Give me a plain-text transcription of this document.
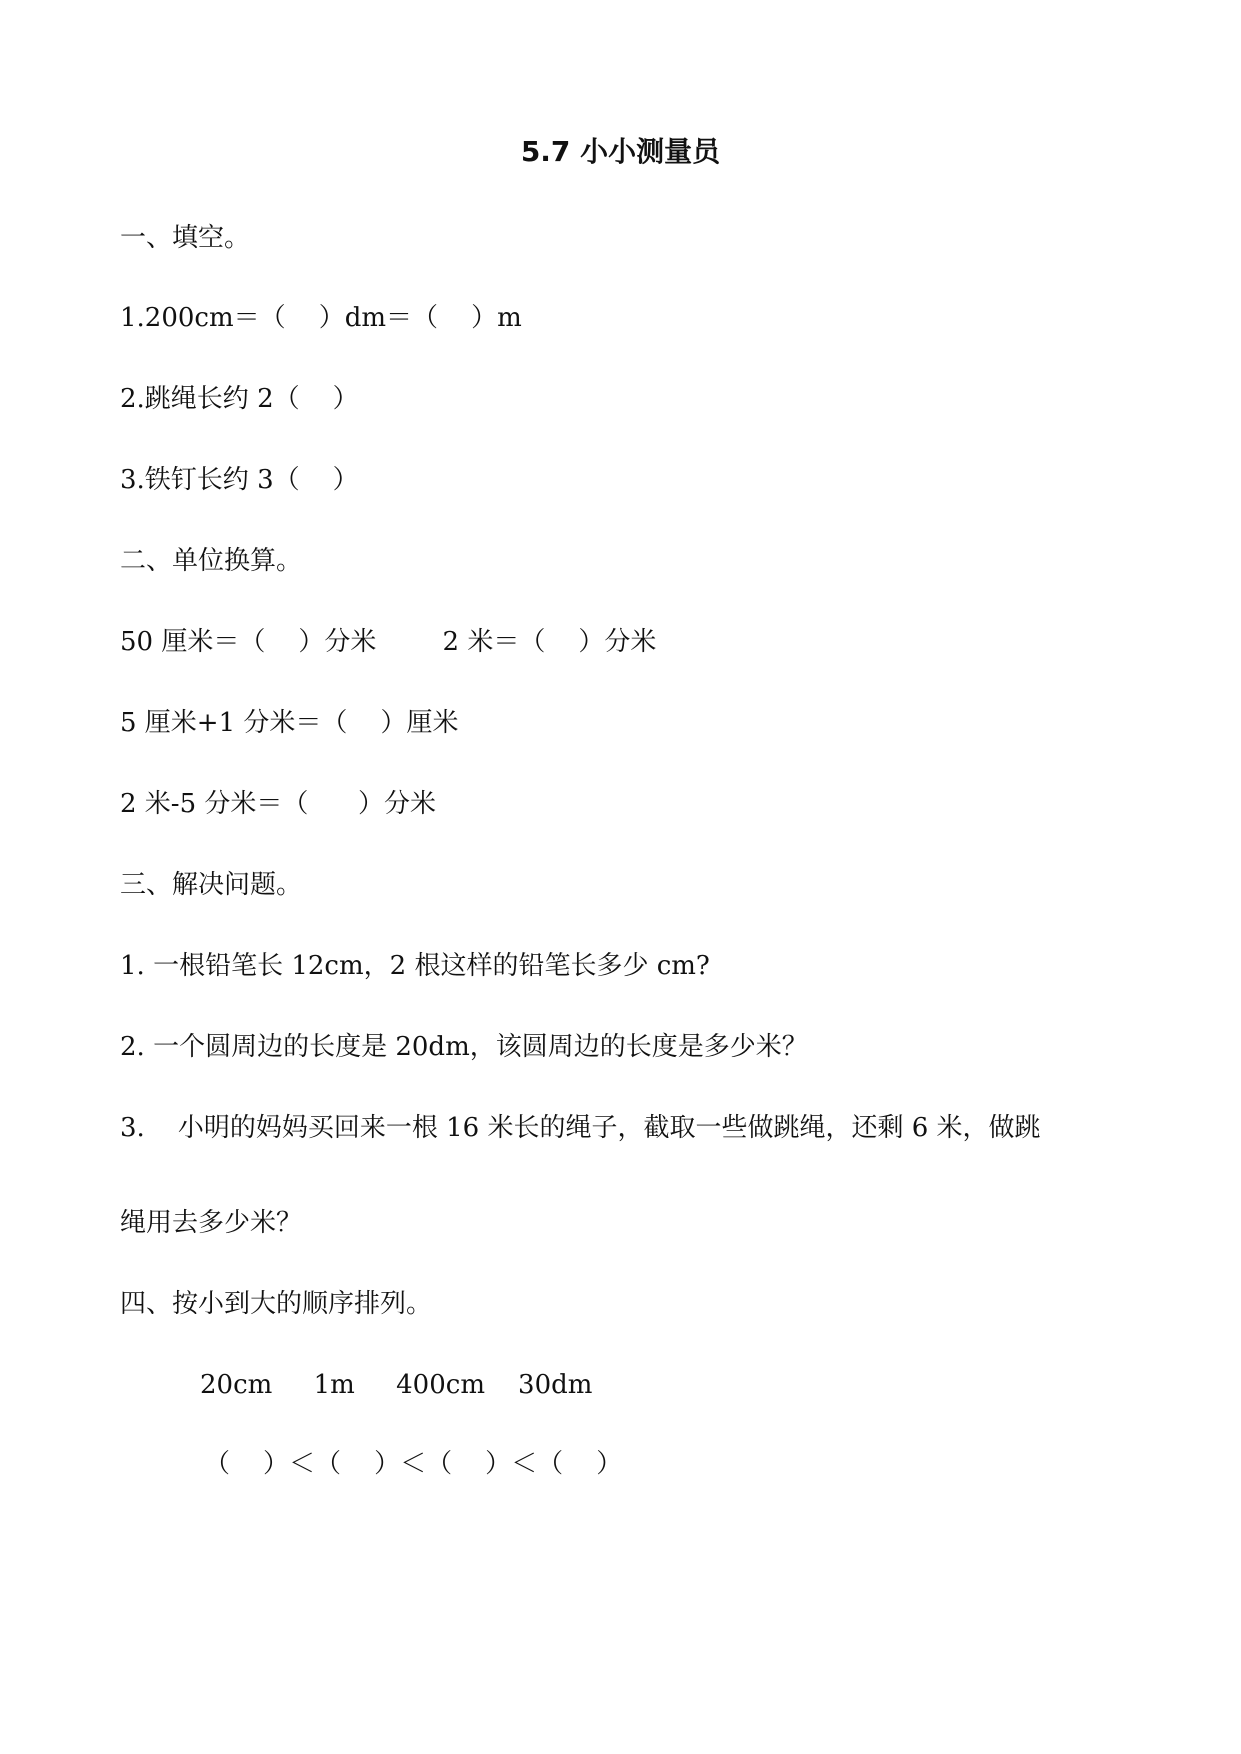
5.7 小小测量员

一、填空。

1.200cm＝（    ）dm＝（    ）m

2.跳绳长约 2（    ）

3.铁钉长约 3（    ）

二、单位换算。

50 厘米＝（    ）分米        2 米＝（    ）分米

5 厘米+1 分米＝（    ）厘米

2 米-5 分米＝（      ）分米

三、解决问题。

1. 一根铅笔长 12cm，2 根这样的铅笔长多少 cm?

2. 一个圆周边的长度是 20dm，该圆周边的长度是多少米？

3.    小明的妈妈买回来一根 16 米长的绳子，截取一些做跳绳，还剩 6 米，做跳

绳用去多少米？

四、按小到大的顺序排列。

20cm     1m     400cm    30dm

（    ）＜（    ）＜（    ）＜（    ）
